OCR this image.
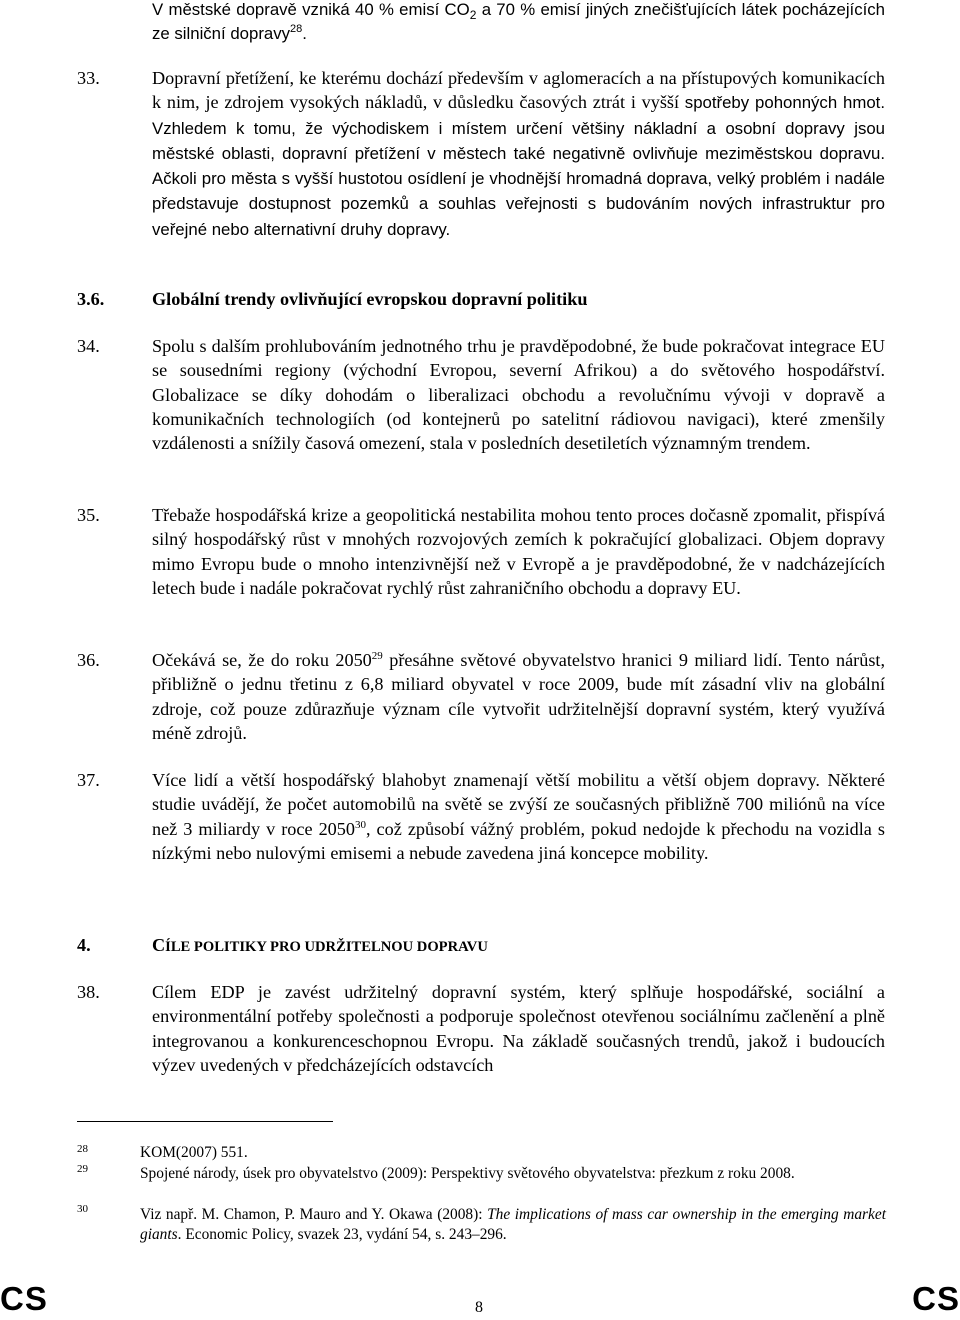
V městské dopravě vzniká 40 % emisí $CO_2$ a 70 % emisí jiných znečišťujících látek pocházejících ze silniční dopravy$^{28}$.
33.	Dopravní přetížení, ke kterému dochází především v aglomeracích a na přístupových komunikacích k nim, je zdrojem vysokých nákladů, v důsledku časových ztrát i vyšší spotřeby pohonných hmot. Vzhledem k tomu, že východiskem i místem určení většiny nákladní a osobní dopravy jsou městské oblasti, dopravní přetížení v městech také negativně ovlivňuje meziměstskou dopravu. Ačkoli pro města s vyšší hustotou osídlení je vhodnější hromadná doprava, velký problém i nadále představuje dostupnost pozemků a souhlas veřejnosti s budováním nových infrastruktur pro veřejné nebo alternativní druhy dopravy.
3.6.	Globální trendy ovlivňující evropskou dopravní politiku
34.	Spolu s dalším prohlubováním jednotného trhu je pravděpodobné, že bude pokračovat integrace EU se sousedními regiony (východní Evropou, severní Afrikou) a do světového hospodářství. Globalizace se díky dohodám o liberalizaci obchodu a revolučnímu vývoji v dopravě a komunikačních technologiích (od kontejnerů po satelitní rádiovou navigaci), které zmenšily vzdálenosti a snížily časová omezení, stala v posledních desetiletích významným trendem.
35.	Třebaže hospodářská krize a geopolitická nestabilita mohou tento proces dočasně zpomalit, přispívá silný hospodářský růst v mnohých rozvojových zemích k pokračující globalizaci. Objem dopravy mimo Evropu bude o mnoho intenzivnější než v Evropě a je pravděpodobné, že v nadcházejících letech bude i nadále pokračovat rychlý růst zahraničního obchodu a dopravy EU.
36.	Očekává se, že do roku 2050$^{29}$ přesáhne světové obyvatelstvo hranici 9 miliard lidí. Tento nárůst, přibližně o jednu třetinu z 6,8 miliard obyvatel v roce 2009, bude mít zásadní vliv na globální zdroje, což pouze zdůrazňuje význam cíle vytvořit udržitelnější dopravní systém, který využívá méně zdrojů.
37.	Více lidí a větší hospodářský blahobyt znamenají větší mobilitu a větší objem dopravy. Některé studie uvádějí, že počet automobilů na světě se zvýší ze současných přibližně 700 miliónů na více než 3 miliardy v roce 2050$^{30}$, což způsobí vážný problém, pokud nedojde k přechodu na vozidla s nízkými nebo nulovými emisemi a nebude zavedena jiná koncepce mobility.
4.	CÍLE POLITIKY PRO UDRŽITELNOU DOPRAVU
38.	Cílem EDP je zavést udržitelný dopravní systém, který splňuje hospodářské, sociální a environmentální potřeby společnosti a podporuje společnost otevřenou sociálnímu začlenění a plně integrovanou a konkurenceschopnou Evropu. Na základě současných trendů, jakož i budoucích výzev uvedených v předcházejících odstavcích
28	KOM(2007) 551.
29	Spojené národy, úsek pro obyvatelstvo (2009): Perspektivy světového obyvatelstva: přezkum z roku 2008.
30	Viz např. M. Chamon, P. Mauro and Y. Okawa (2008): The implications of mass car ownership in the emerging market giants. Economic Policy, svazek 23, vydání 54, s. 243–296.
CS	8	CS
